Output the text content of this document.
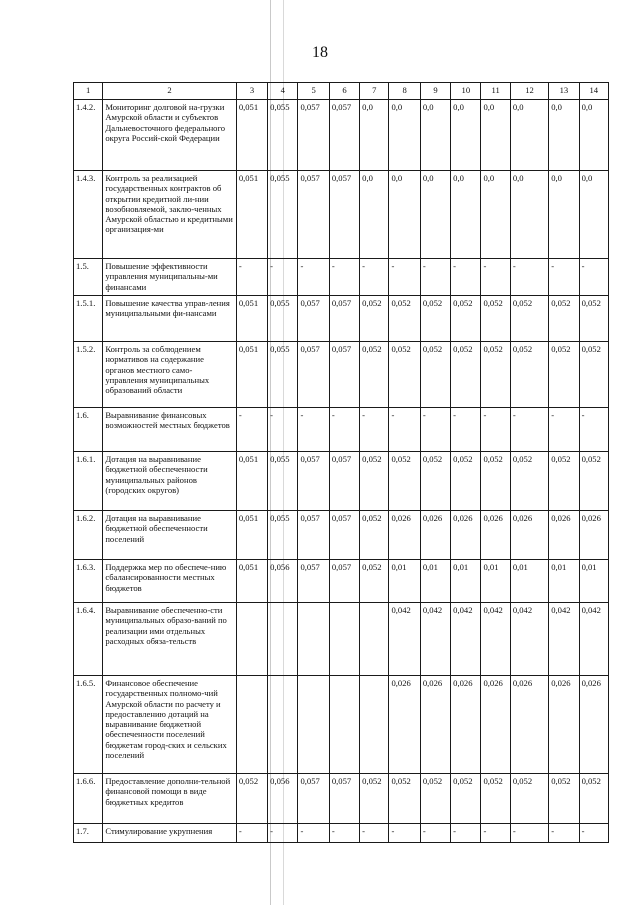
18
1	2	3	4	5	6	7	8	9	10	11	12	13	14
1.4.2.	Мониторинг долговой на-грузки Амурской области и субъектов Дальневосточного федерального округа Россий-ской Федерации	0,051	0,055	0,057	0,057	0,0	0,0	0,0	0,0	0,0	0,0	0,0	0,0
1.4.3.	Контроль за реализацией государственных контрактов об открытии кредитной ли-нии возобновляемой, заклю-ченных Амурской областью и кредитными организация-ми	0,051	0,055	0,057	0,057	0,0	0,0	0,0	0,0	0,0	0,0	0,0	0,0
1.5.	Повышение эффективности управления муниципальны-ми финансами	-	-	-	-	-	-	-	-	-	-	-	-
1.5.1.	Повышение качества управ-ления муниципальными фи-нансами	0,051	0,055	0,057	0,057	0,052	0,052	0,052	0,052	0,052	0,052	0,052	0,052
1.5.2.	Контроль за соблюдением нормативов на содержание органов местного само-управления муниципальных образований области	0,051	0,055	0,057	0,057	0,052	0,052	0,052	0,052	0,052	0,052	0,052	0,052
1.6.	Выравнивание финансовых возможностей местных бюджетов	-	-	-	-	-	-	-	-	-	-	-	-
1.6.1.	Дотация на выравнивание бюджетной обеспеченности муниципальных районов (городских округов)	0,051	0,055	0,057	0,057	0,052	0,052	0,052	0,052	0,052	0,052	0,052	0,052
1.6.2.	Дотация на выравнивание бюджетной обеспеченности поселений	0,051	0,055	0,057	0,057	0,052	0,026	0,026	0,026	0,026	0,026	0,026	0,026
1.6.3.	Поддержка мер по обеспече-нию сбалансированности местных бюджетов	0,051	0,056	0,057	0,057	0,052	0,01	0,01	0,01	0,01	0,01	0,01	0,01
1.6.4.	Выравнивание обеспеченно-сти муниципальных образо-ваний по реализации ими отдельных расходных обяза-тельств						0,042	0,042	0,042	0,042	0,042	0,042	0,042
1.6.5.	Финансовое обеспечение государственных полномо-чий Амурской области по расчету и предоставлению дотаций на выравнивание бюджетной обеспеченности поселений бюджетам город-ских и сельских поселений						0,026	0,026	0,026	0,026	0,026	0,026	0,026
1.6.6.	Предоставление дополни-тельной финансовой помощи в виде бюджетных кредитов	0,052	0,056	0,057	0,057	0,052	0,052	0,052	0,052	0,052	0,052	0,052	0,052
1.7.	Стимулирование укрупнения	-	-	-	-	-	-	-	-	-	-	-	-
